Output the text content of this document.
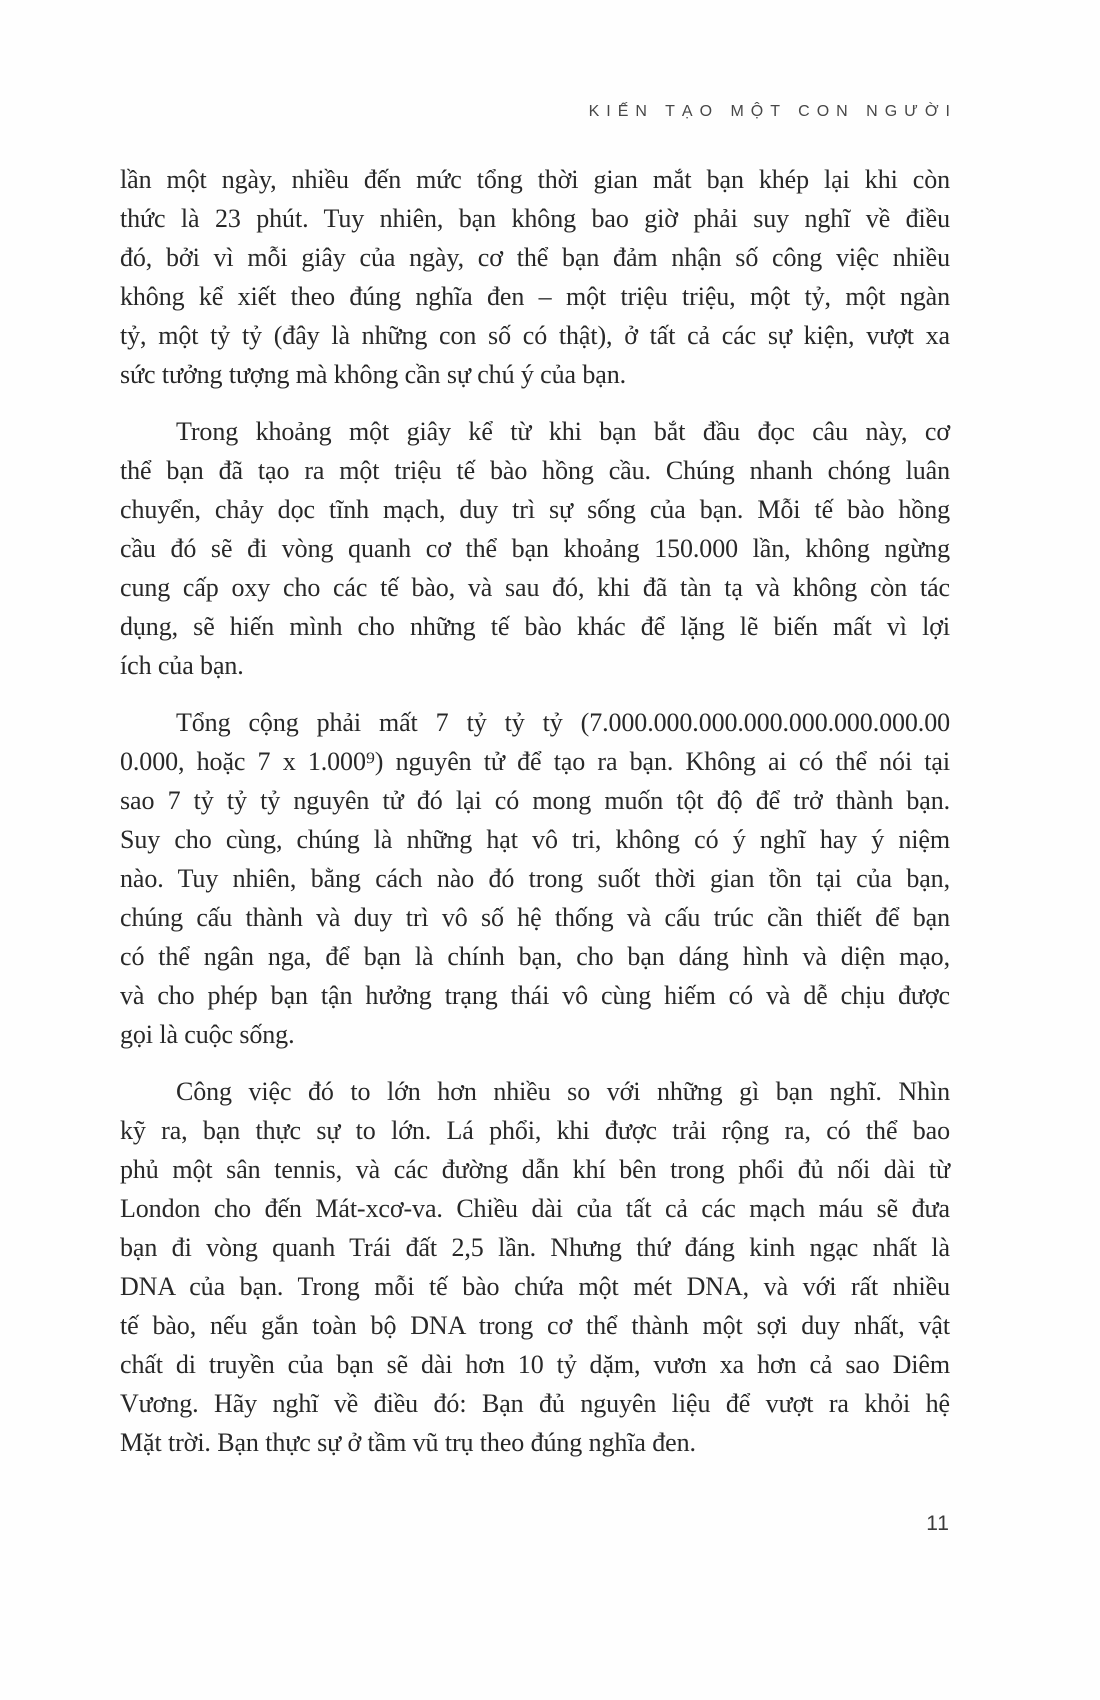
KIẾN TẠO MỘT CON NGƯỜI

lần một ngày, nhiều đến mức tổng thời gian mắt bạn khép lại khi còn
thức là 23 phút. Tuy nhiên, bạn không bao giờ phải suy nghĩ về điều
đó, bởi vì mỗi giây của ngày, cơ thể bạn đảm nhận số công việc nhiều
không kể xiết theo đúng nghĩa đen – một triệu triệu, một tỷ, một ngàn
tỷ, một tỷ tỷ (đây là những con số có thật), ở tất cả các sự kiện, vượt xa
sức tưởng tượng mà không cần sự chú ý của bạn.

Trong khoảng một giây kể từ khi bạn bắt đầu đọc câu này, cơ
thể bạn đã tạo ra một triệu tế bào hồng cầu. Chúng nhanh chóng luân
chuyển, chảy dọc tĩnh mạch, duy trì sự sống của bạn. Mỗi tế bào hồng
cầu đó sẽ đi vòng quanh cơ thể bạn khoảng 150.000 lần, không ngừng
cung cấp oxy cho các tế bào, và sau đó, khi đã tàn tạ và không còn tác
dụng, sẽ hiến mình cho những tế bào khác để lặng lẽ biến mất vì lợi
ích của bạn.

Tổng cộng phải mất 7 tỷ tỷ tỷ (7.000.000.000.000.000.000.000.00
0.000, hoặc 7 x 1.000⁹) nguyên tử để tạo ra bạn. Không ai có thể nói tại
sao 7 tỷ tỷ tỷ nguyên tử đó lại có mong muốn tột độ để trở thành bạn.
Suy cho cùng, chúng là những hạt vô tri, không có ý nghĩ hay ý niệm
nào. Tuy nhiên, bằng cách nào đó trong suốt thời gian tồn tại của bạn,
chúng cấu thành và duy trì vô số hệ thống và cấu trúc cần thiết để bạn
có thể ngân nga, để bạn là chính bạn, cho bạn dáng hình và diện mạo,
và cho phép bạn tận hưởng trạng thái vô cùng hiếm có và dễ chịu được
gọi là cuộc sống.

Công việc đó to lớn hơn nhiều so với những gì bạn nghĩ. Nhìn
kỹ ra, bạn thực sự to lớn. Lá phổi, khi được trải rộng ra, có thể bao
phủ một sân tennis, và các đường dẫn khí bên trong phổi đủ nối dài từ
London cho đến Mát-xcơ-va. Chiều dài của tất cả các mạch máu sẽ đưa
bạn đi vòng quanh Trái đất 2,5 lần. Nhưng thứ đáng kinh ngạc nhất là
DNA của bạn. Trong mỗi tế bào chứa một mét DNA, và với rất nhiều
tế bào, nếu gắn toàn bộ DNA trong cơ thể thành một sợi duy nhất, vật
chất di truyền của bạn sẽ dài hơn 10 tỷ dặm, vươn xa hơn cả sao Diêm
Vương. Hãy nghĩ về điều đó: Bạn đủ nguyên liệu để vượt ra khỏi hệ
Mặt trời. Bạn thực sự ở tầm vũ trụ theo đúng nghĩa đen.

11
